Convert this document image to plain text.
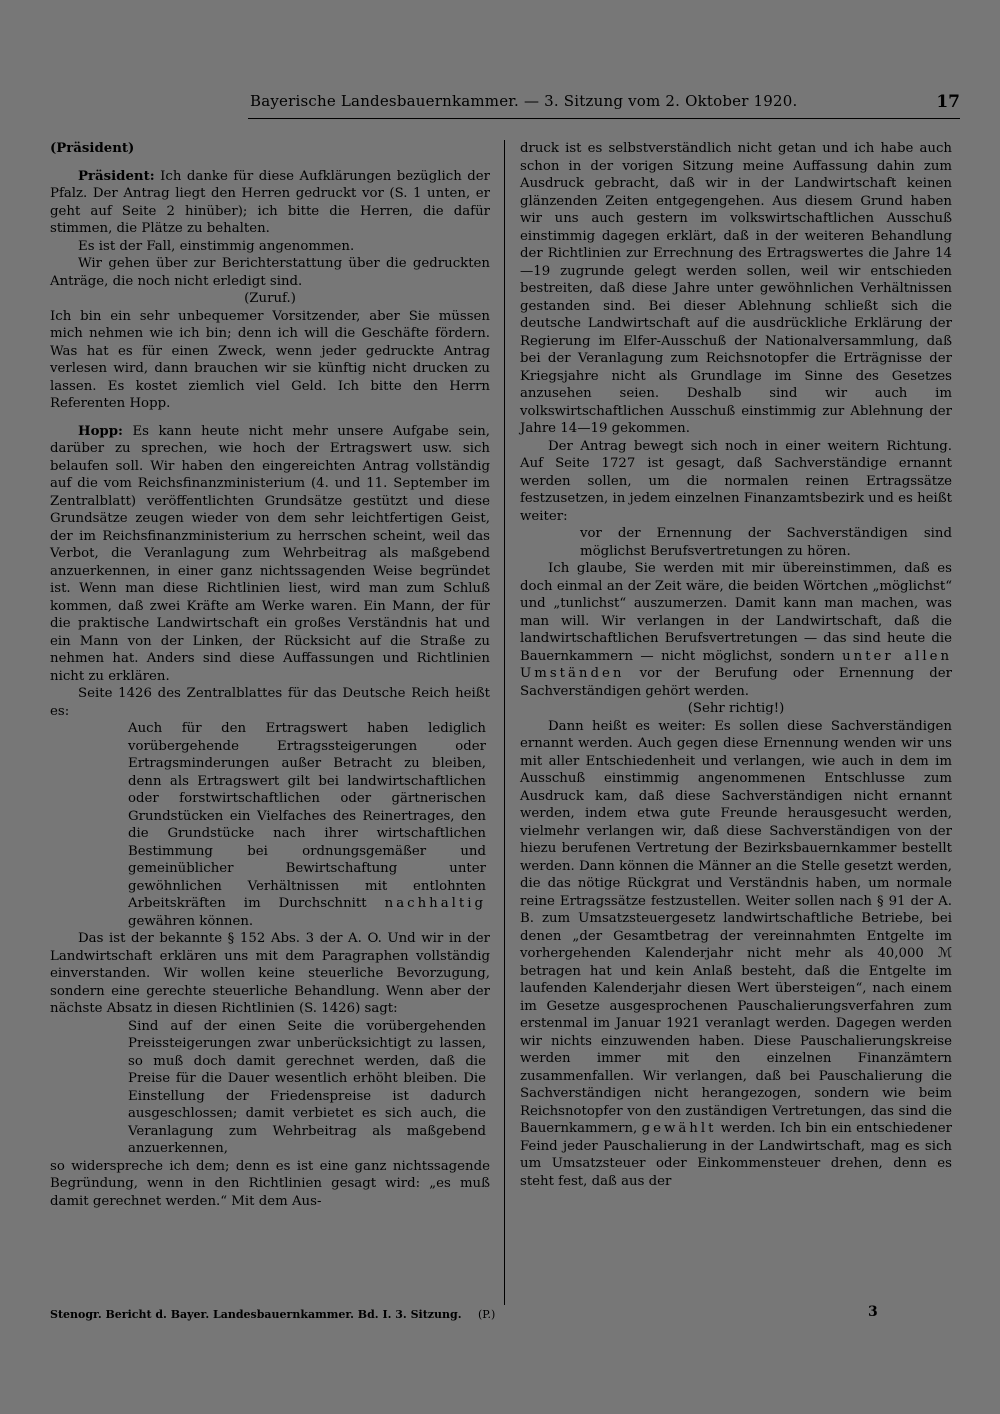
Bayerische Landesbauernkammer. — 3. Sitzung vom 2. Oktober 1920.	17

(Präsident)

Präsident: Ich danke für diese Aufklärungen bezüglich der Pfalz. Der Antrag liegt den Herren gedruckt vor (S. 1 unten, er geht auf Seite 2 hinüber); ich bitte die Herren, die dafür stimmen, die Plätze zu behalten.

Es ist der Fall, einstimmig angenommen.

Wir gehen über zur Berichterstattung über die gedruckten Anträge, die noch nicht erledigt sind.

(Zuruf.)

Ich bin ein sehr unbequemer Vorsitzender, aber Sie müssen mich nehmen wie ich bin; denn ich will die Geschäfte fördern. Was hat es für einen Zweck, wenn jeder gedruckte Antrag verlesen wird, dann brauchen wir sie künftig nicht drucken zu lassen. Es kostet ziemlich viel Geld. Ich bitte den Herrn Referenten Hopp.

Hopp: Es kann heute nicht mehr unsere Aufgabe sein, darüber zu sprechen, wie hoch der Ertragswert usw. sich belaufen soll. Wir haben den eingereichten Antrag vollständig auf die vom Reichsfinanzministerium (4. und 11. September im Zentralblatt) veröffentlichten Grundsätze gestützt und diese Grundsätze zeugen wieder von dem sehr leichtfertigen Geist, der im Reichsfinanzministerium zu herrschen scheint, weil das Verbot, die Veranlagung zum Wehrbeitrag als maßgebend anzuerkennen, in einer ganz nichtssagenden Weise begründet ist. Wenn man diese Richtlinien liest, wird man zum Schluß kommen, daß zwei Kräfte am Werke waren. Ein Mann, der für die praktische Landwirtschaft ein großes Verständnis hat und ein Mann von der Linken, der Rücksicht auf die Straße zu nehmen hat. Anders sind diese Auffassungen und Richtlinien nicht zu erklären.

Seite 1426 des Zentralblattes für das Deutsche Reich heißt es:

Auch für den Ertragswert haben lediglich vorübergehende Ertragssteigerungen oder Ertragsminderungen außer Betracht zu bleiben, denn als Ertragswert gilt bei landwirtschaftlichen oder forstwirtschaftlichen oder gärtnerischen Grundstücken ein Vielfaches des Reinertrages, den die Grundstücke nach ihrer wirtschaftlichen Bestimmung bei ordnungsgemäßer und gemeinüblicher Bewirtschaftung unter gewöhnlichen Verhältnissen mit entlohnten Arbeitskräften im Durchschnitt nachhaltig gewähren können.

Das ist der bekannte § 152 Abs. 3 der A. O. Und wir in der Landwirtschaft erklären uns mit dem Paragraphen vollständig einverstanden. Wir wollen keine steuerliche Bevorzugung, sondern eine gerechte steuerliche Behandlung. Wenn aber der nächste Absatz in diesen Richtlinien (S. 1426) sagt:

Sind auf der einen Seite die vorübergehenden Preissteigerungen zwar unberücksichtigt zu lassen, so muß doch damit gerechnet werden, daß die Preise für die Dauer wesentlich erhöht bleiben. Die Einstellung der Friedenspreise ist dadurch ausgeschlossen; damit verbietet es sich auch, die Veranlagung zum Wehrbeitrag als maßgebend anzuerkennen,

so widerspreche ich dem; denn es ist eine ganz nichtssagende Begründung, wenn in den Richtlinien gesagt wird: „es muß damit gerechnet werden.“ Mit dem Aus-

druck ist es selbstverständlich nicht getan und ich habe auch schon in der vorigen Sitzung meine Auffassung dahin zum Ausdruck gebracht, daß wir in der Landwirtschaft keinen glänzenden Zeiten entgegengehen. Aus diesem Grund haben wir uns auch gestern im volkswirtschaftlichen Ausschuß einstimmig dagegen erklärt, daß in der weiteren Behandlung der Richtlinien zur Errechnung des Ertragswertes die Jahre 14—19 zugrunde gelegt werden sollen, weil wir entschieden bestreiten, daß diese Jahre unter gewöhnlichen Verhältnissen gestanden sind. Bei dieser Ablehnung schließt sich die deutsche Landwirtschaft auf die ausdrückliche Erklärung der Regierung im Elfer-Ausschuß der Nationalversammlung, daß bei der Veranlagung zum Reichsnotopfer die Erträgnisse der Kriegsjahre nicht als Grundlage im Sinne des Gesetzes anzusehen seien. Deshalb sind wir auch im volkswirtschaftlichen Ausschuß einstimmig zur Ablehnung der Jahre 14—19 gekommen.

Der Antrag bewegt sich noch in einer weitern Richtung. Auf Seite 1727 ist gesagt, daß Sachverständige ernannt werden sollen, um die normalen reinen Ertragssätze festzusetzen, in jedem einzelnen Finanzamtsbezirk und es heißt weiter:

vor der Ernennung der Sachverständigen sind möglichst Berufsvertretungen zu hören.

Ich glaube, Sie werden mit mir übereinstimmen, daß es doch einmal an der Zeit wäre, die beiden Wörtchen „möglichst“ und „tunlichst“ auszumerzen. Damit kann man machen, was man will. Wir verlangen in der Landwirtschaft, daß die landwirtschaftlichen Berufsvertretungen — das sind heute die Bauernkammern — nicht möglichst, sondern unter allen Umständen vor der Berufung oder Ernennung der Sachverständigen gehört werden.

(Sehr richtig!)

Dann heißt es weiter: Es sollen diese Sachverständigen ernannt werden. Auch gegen diese Ernennung wenden wir uns mit aller Entschiedenheit und verlangen, wie auch in dem im Ausschuß einstimmig angenommenen Entschlusse zum Ausdruck kam, daß diese Sachverständigen nicht ernannt werden, indem etwa gute Freunde herausgesucht werden, vielmehr verlangen wir, daß diese Sachverständigen von der hiezu berufenen Vertretung der Bezirksbauernkammer bestellt werden. Dann können die Männer an die Stelle gesetzt werden, die das nötige Rückgrat und Verständnis haben, um normale reine Ertragssätze festzustellen. Weiter sollen nach § 91 der A. B. zum Umsatzsteuergesetz landwirtschaftliche Betriebe, bei denen „der Gesamtbetrag der vereinnahmten Entgelte im vorhergehenden Kalenderjahr nicht mehr als 40,000 ℳ betragen hat und kein Anlaß besteht, daß die Entgelte im laufenden Kalenderjahr diesen Wert übersteigen“, nach einem im Gesetze ausgesprochenen Pauschalierungsverfahren zum erstenmal im Januar 1921 veranlagt werden. Dagegen werden wir nichts einzuwenden haben. Diese Pauschalierungskreise werden immer mit den einzelnen Finanzämtern zusammenfallen. Wir verlangen, daß bei Pauschalierung die Sachverständigen nicht herangezogen, sondern wie beim Reichsnotopfer von den zuständigen Vertretungen, das sind die Bauernkammern, gewählt werden. Ich bin ein entschiedener Feind jeder Pauschalierung in der Landwirtschaft, mag es sich um Umsatzsteuer oder Einkommensteuer drehen, denn es steht fest, daß aus der

Stenogr. Bericht d. Bayer. Landesbauernkammer. Bd. I. 3. Sitzung. (P.)	3
